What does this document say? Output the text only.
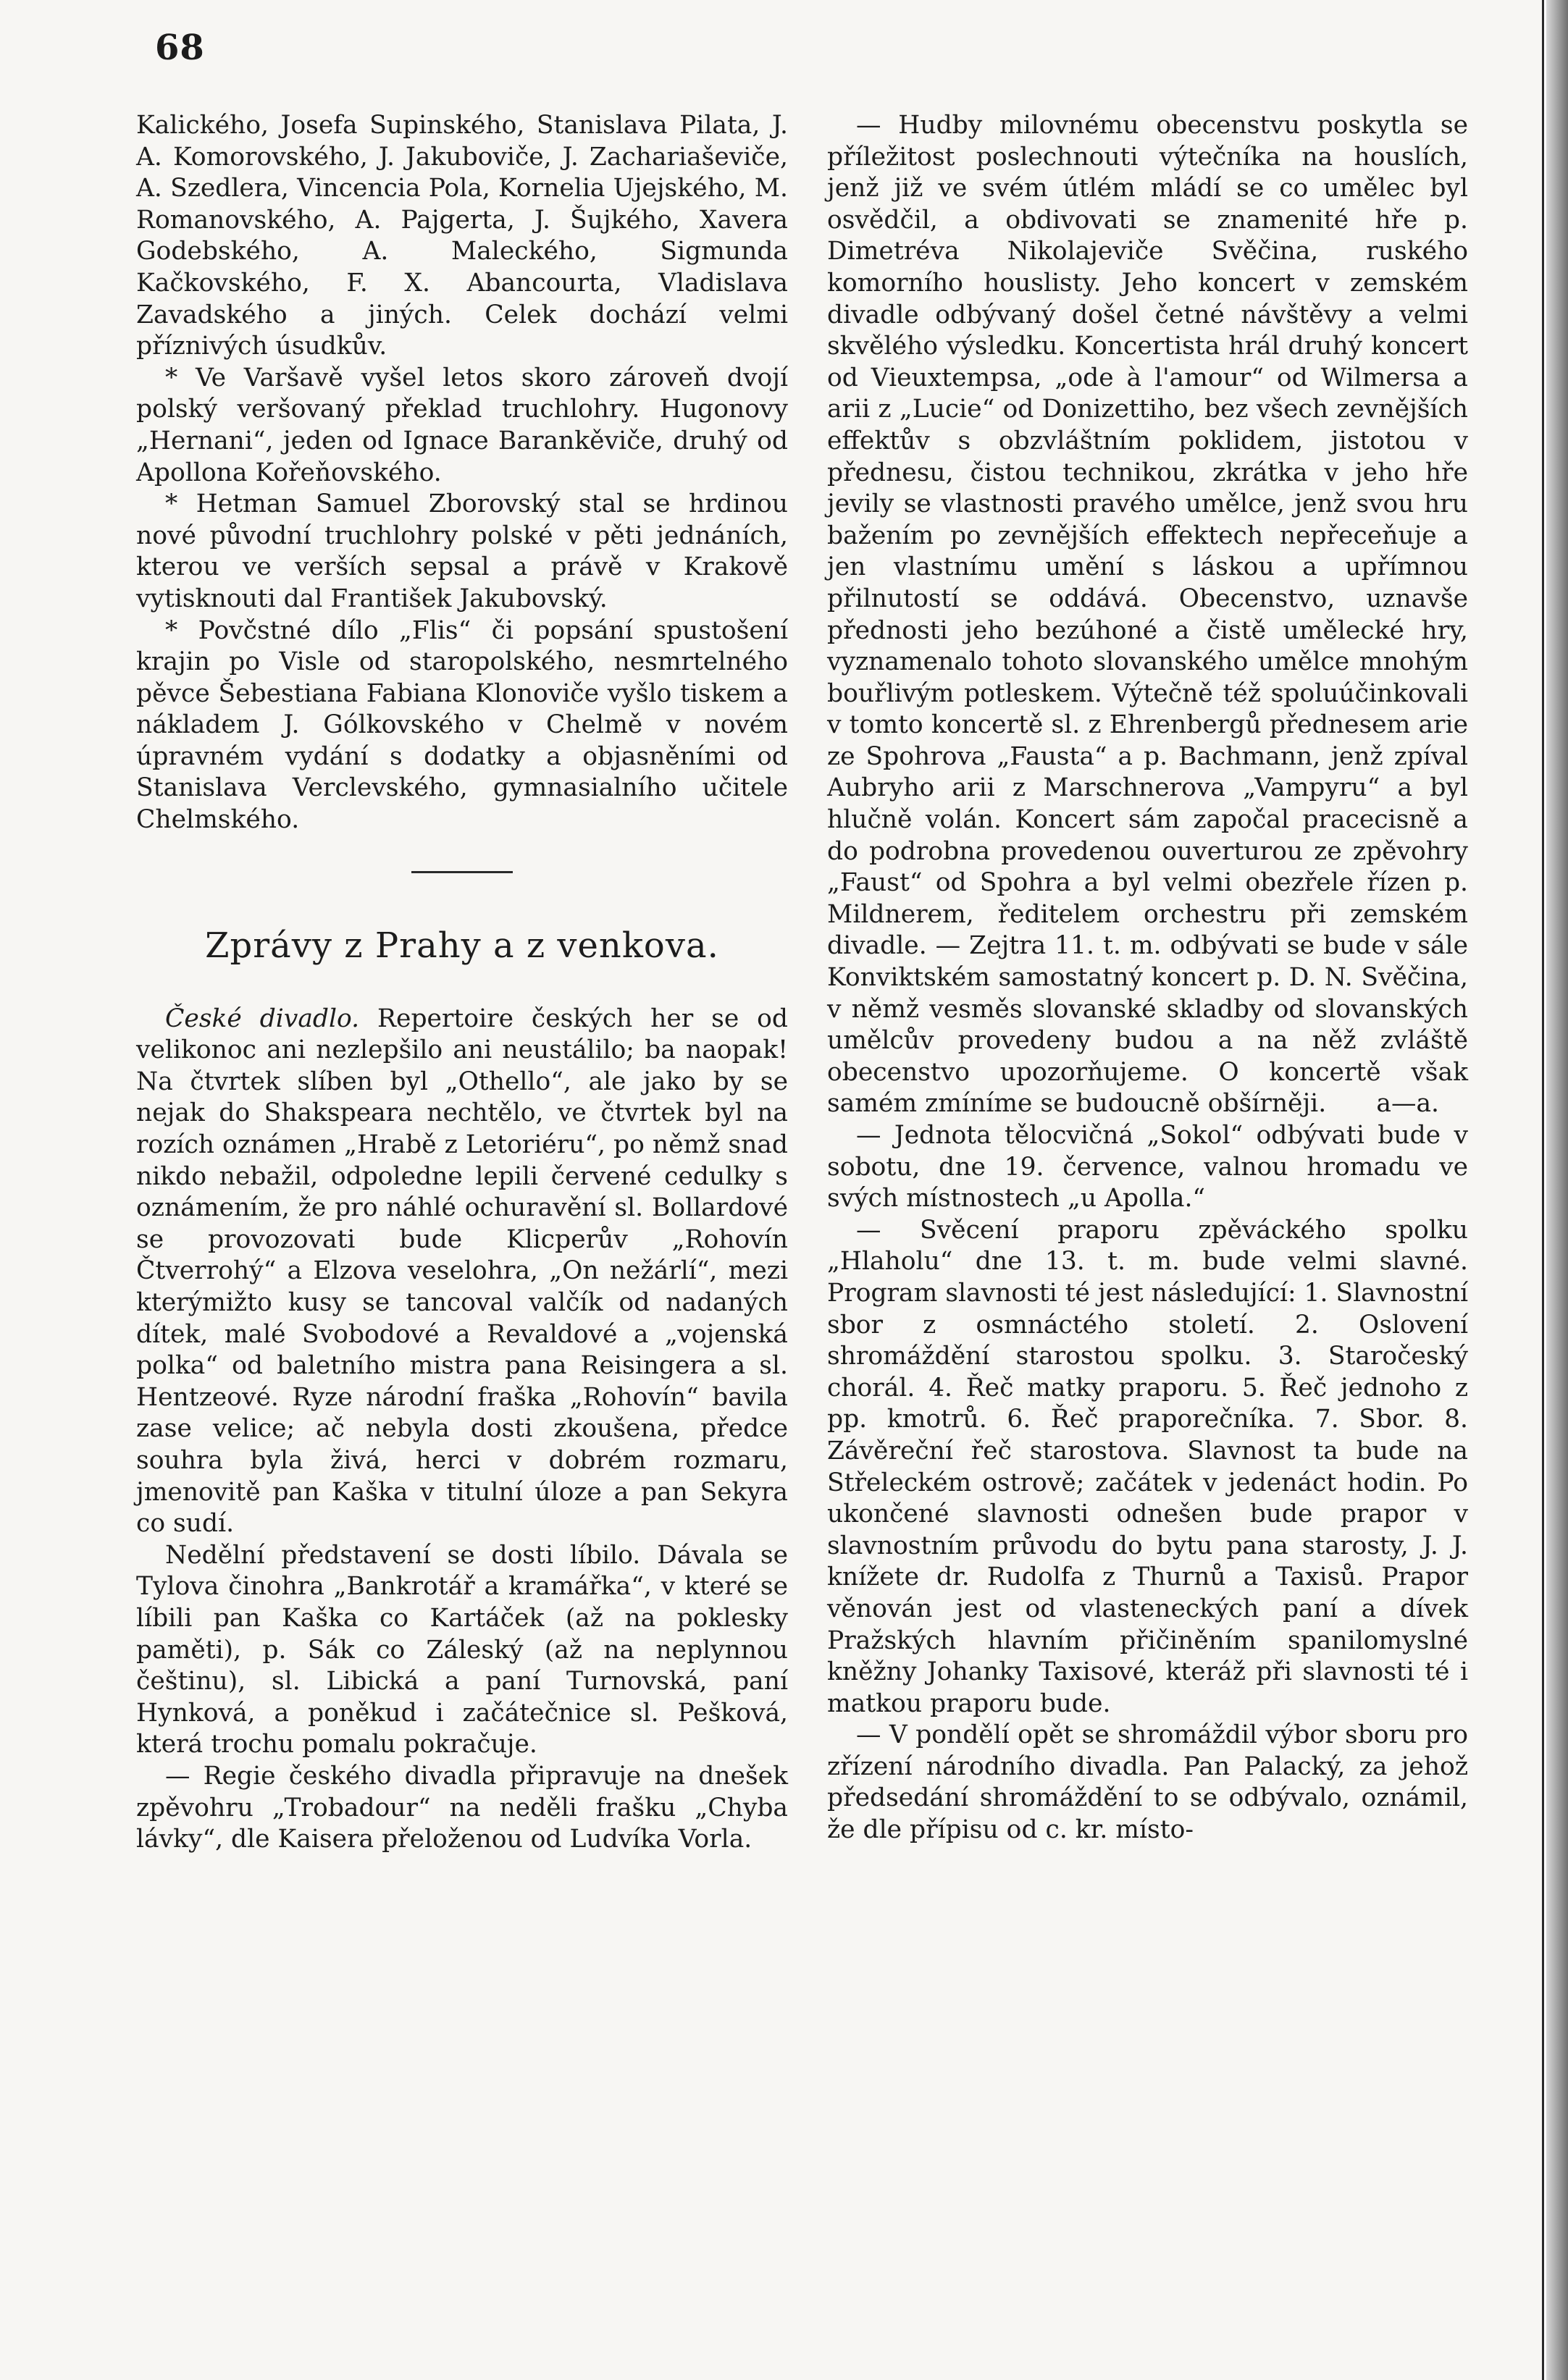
68

Kalického, Josefa Supinského, Stanislava Pilata, J. A. Komorovského, J. Jakuboviče, J. Zachariaševiče, A. Szedlera, Vincencia Pola, Kornelia Ujejského, M. Romanovského, A. Pajgerta, J. Šujkého, Xavera Godebského, A. Maleckého, Sigmunda Kačkovského, F. X. Abancourta, Vladislava Zavadského a jiných. Celek dochází velmi příznivých úsudkův.

* Ve Varšavě vyšel letos skoro zároveň dvojí polský veršovaný překlad truchlohry. Hugonovy „Hernani“, jeden od Ignace Barankěviče, druhý od Apollona Kořeňovského.

* Hetman Samuel Zborovský stal se hrdinou nové původní truchlohry polské v pěti jednáních, kterou ve verších sepsal a právě v Krakově vytisknouti dal František Jakubovský.

* Povčstné dílo „Flis“ či popsání spustošení krajin po Visle od staropolského, nesmrtelného pěvce Šebestiana Fabiana Klonoviče vyšlo tiskem a nákladem J. Gólkovského v Chelmě v novém úpravném vydání s dodatky a objasněními od Stanislava Verclevského, gymnasialního učitele Chelmského.

Zprávy z Prahy a z venkova.

České divadlo. Repertoire českých her se od velikonoc ani nezlepšilo ani neustálilo; ba naopak! Na čtvrtek slíben byl „Othello“, ale jako by se nejak do Shakspeara nechtělo, ve čtvrtek byl na rozích oznámen „Hrabě z Letoriéru“, po němž snad nikdo nebažil, odpoledne lepili červené cedulky s oznámením, že pro náhlé ochuravění sl. Bollardové se provozovati bude Klicperův „Rohovín Čtverrohý“ a Elzova veselohra, „On nežárlí“, mezi kterýmižto kusy se tancoval valčík od nadaných dítek, malé Svobodové a Revaldové a „vojenská polka“ od baletního mistra pana Reisingera a sl. Hentzeové. Ryze národní fraška „Rohovín“ bavila zase velice; ač nebyla dosti zkoušena, předce souhra byla živá, herci v dobrém rozmaru, jmenovitě pan Kaška v titulní úloze a pan Sekyra co sudí.

Nedělní představení se dosti líbilo. Dávala se Tylova činohra „Bankrotář a kramářka“, v které se líbili pan Kaška co Kartáček (až na poklesky paměti), p. Sák co Záleský (až na neplynnou češtinu), sl. Libická a paní Turnovská, paní Hynková, a poněkud i začátečnice sl. Pešková, která trochu pomalu pokračuje.

— Regie českého divadla připravuje na dnešek zpěvohru „Trobadour“ na neděli frašku „Chyba lávky“, dle Kaisera přeloženou od Ludvíka Vorla.

— Hudby milovnému obecenstvu poskytla se příležitost poslechnouti výtečníka na houslích, jenž již ve svém útlém mládí se co umělec byl osvědčil, a obdivovati se znamenité hře p. Dimetréva Nikolajeviče Svěčina, ruského komorního houslisty. Jeho koncert v zemském divadle odbývaný došel četné návštěvy a velmi skvělého výsledku. Koncertista hrál druhý koncert od Vieuxtempsa, „ode à l'amour“ od Wilmersa a arii z „Lucie“ od Donizettiho, bez všech zevnějších effektův s obzvláštním poklidem, jistotou v přednesu, čistou technikou, zkrátka v jeho hře jevily se vlastnosti pravého umělce, jenž svou hru bažením po zevnějších effektech nepřeceňuje a jen vlastnímu umění s láskou a upřímnou přilnutostí se oddává. Obecenstvo, uznavše přednosti jeho bezúhoné a čistě umělecké hry, vyznamenalo tohoto slovanského umělce mnohým bouřlivým potleskem. Výtečně též spoluúčinkovali v tomto koncertě sl. z Ehrenbergů přednesem arie ze Spohrova „Fausta“ a p. Bachmann, jenž zpíval Aubryho arii z Marschnerova „Vampyru“ a byl hlučně volán. Koncert sám započal pracecisně a do podrobna provedenou ouverturou ze zpěvohry „Faust“ od Spohra a byl velmi obezřele řízen p. Mildnerem, ředitelem orchestru při zemském divadle. — Zejtra 11. t. m. odbývati se bude v sále Konviktském samostatný koncert p. D. N. Svěčina, v němž vesměs slovanské skladby od slovanských umělcův provedeny budou a na něž zvláště obecenstvo upozorňujeme. O koncertě však samém zmíníme se budoucně obšírněji.	a—a.

— Jednota tělocvičná „Sokol“ odbývati bude v sobotu, dne 19. července, valnou hromadu ve svých místnostech „u Apolla.“

— Svěcení praporu zpěváckého spolku „Hlaholu“ dne 13. t. m. bude velmi slavné. Program slavnosti té jest následující: 1. Slavnostní sbor z osmnáctého století. 2. Oslovení shromáždění starostou spolku. 3. Staročeský chorál. 4. Řeč matky praporu. 5. Řeč jednoho z pp. kmotrů. 6. Řeč praporečníka. 7. Sbor. 8. Závěreční řeč starostova. Slavnost ta bude na Střeleckém ostrově; začátek v jedenáct hodin. Po ukončené slavnosti odnešen bude prapor v slavnostním průvodu do bytu pana starosty, J. J. knížete dr. Rudolfa z Thurnů a Taxisů. Prapor věnován jest od vlasteneckých paní a dívek Pražských hlavním přičiněním spanilomyslné kněžny Johanky Taxisové, kteráž při slavnosti té i matkou praporu bude.

— V pondělí opět se shromáždil výbor sboru pro zřízení národního divadla. Pan Palacký, za jehož předsedání shromáždění to se odbývalo, oznámil, že dle přípisu od c. kr. místo-
